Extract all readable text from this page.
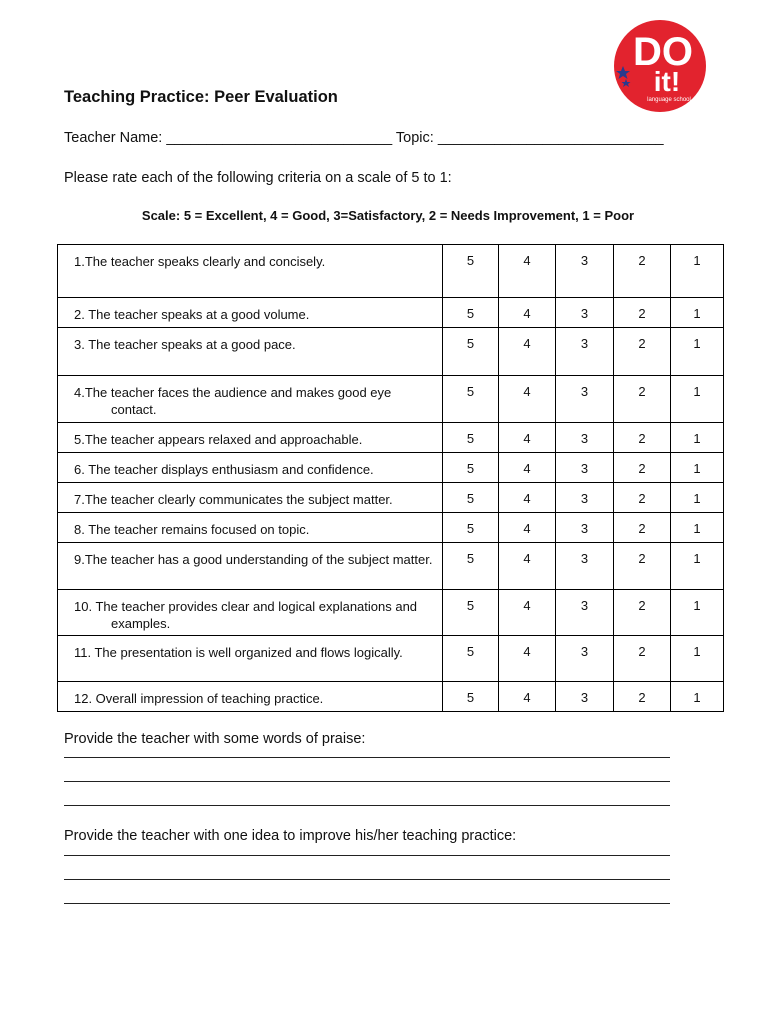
DO
it!
language school
Teaching Practice: Peer Evaluation
Teacher Name: ____________________________ Topic: ____________________________
Please rate each of the following criteria on a scale of 5 to 1:
Scale: 5 = Excellent, 4 = Good, 3=Satisfactory, 2 = Needs Improvement, 1 = Poor
1.The teacher speaks clearly and concisely.	5	4	3	2	1

2. The teacher speaks at a good volume.	5	4	3	2	1

3. The teacher speaks at a good pace.	5	4	3	2	1

4.The teacher faces the audience and makes good eye contact.	5	4	3	2	1

5.The teacher appears relaxed and approachable.	5	4	3	2	1

6. The teacher displays enthusiasm and confidence.	5	4	3	2	1

7.The teacher clearly communicates the subject matter.	5	4	3	2	1

8. The teacher remains focused on topic.	5	4	3	2	1

9.The teacher has a good understanding of the subject matter.	5	4	3	2	1

10. The teacher provides clear and logical explanations and examples.	5	4	3	2	1

11. The presentation is well organized and flows logically.	5	4	3	2	1

12. Overall impression of teaching practice.	5	4	3	2	1
Provide the teacher with some words of praise:
Provide the teacher with one idea to improve his/her teaching practice:
